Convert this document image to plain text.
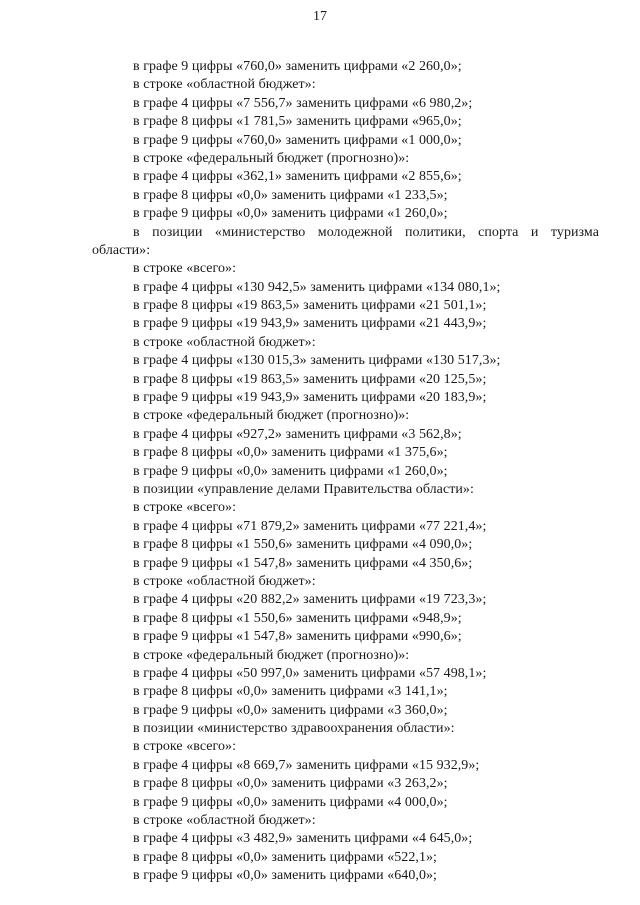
17
в графе 9 цифры «760,0» заменить цифрами «2 260,0»;
в строке «областной бюджет»:
в графе 4 цифры «7 556,7» заменить цифрами «6 980,2»;
в графе 8 цифры «1 781,5» заменить цифрами «965,0»;
в графе 9 цифры «760,0» заменить цифрами «1 000,0»;
в строке «федеральный бюджет (прогнозно)»:
в графе 4 цифры «362,1» заменить цифрами «2 855,6»;
в графе 8 цифры «0,0» заменить цифрами «1 233,5»;
в графе 9 цифры «0,0» заменить цифрами «1 260,0»;
в позиции «министерство молодежной политики, спорта и туризма
области»:
в строке «всего»:
в графе 4 цифры «130 942,5» заменить цифрами «134 080,1»;
в графе 8 цифры «19 863,5» заменить цифрами «21 501,1»;
в графе 9 цифры «19 943,9» заменить цифрами «21 443,9»;
в строке «областной бюджет»:
в графе 4 цифры «130 015,3» заменить цифрами «130 517,3»;
в графе 8 цифры «19 863,5» заменить цифрами «20 125,5»;
в графе 9 цифры «19 943,9» заменить цифрами «20 183,9»;
в строке «федеральный бюджет (прогнозно)»:
в графе 4 цифры «927,2» заменить цифрами «3 562,8»;
в графе 8 цифры «0,0» заменить цифрами «1 375,6»;
в графе 9 цифры «0,0» заменить цифрами «1 260,0»;
в позиции «управление делами Правительства области»:
в строке «всего»:
в графе 4 цифры «71 879,2» заменить цифрами «77 221,4»;
в графе 8 цифры «1 550,6» заменить цифрами «4 090,0»;
в графе 9 цифры «1 547,8» заменить цифрами «4 350,6»;
в строке «областной бюджет»:
в графе 4 цифры «20 882,2» заменить цифрами «19 723,3»;
в графе 8 цифры «1 550,6» заменить цифрами «948,9»;
в графе 9 цифры «1 547,8» заменить цифрами «990,6»;
в строке «федеральный бюджет (прогнозно)»:
в графе 4 цифры «50 997,0» заменить цифрами «57 498,1»;
в графе 8 цифры «0,0» заменить цифрами «3 141,1»;
в графе 9 цифры «0,0» заменить цифрами «3 360,0»;
в позиции «министерство здравоохранения области»:
в строке «всего»:
в графе 4 цифры «8 669,7» заменить цифрами «15 932,9»;
в графе 8 цифры «0,0» заменить цифрами «3 263,2»;
в графе 9 цифры «0,0» заменить цифрами «4 000,0»;
в строке «областной бюджет»:
в графе 4 цифры «3 482,9» заменить цифрами «4 645,0»;
в графе 8 цифры «0,0» заменить цифрами «522,1»;
в графе 9 цифры «0,0» заменить цифрами «640,0»;
